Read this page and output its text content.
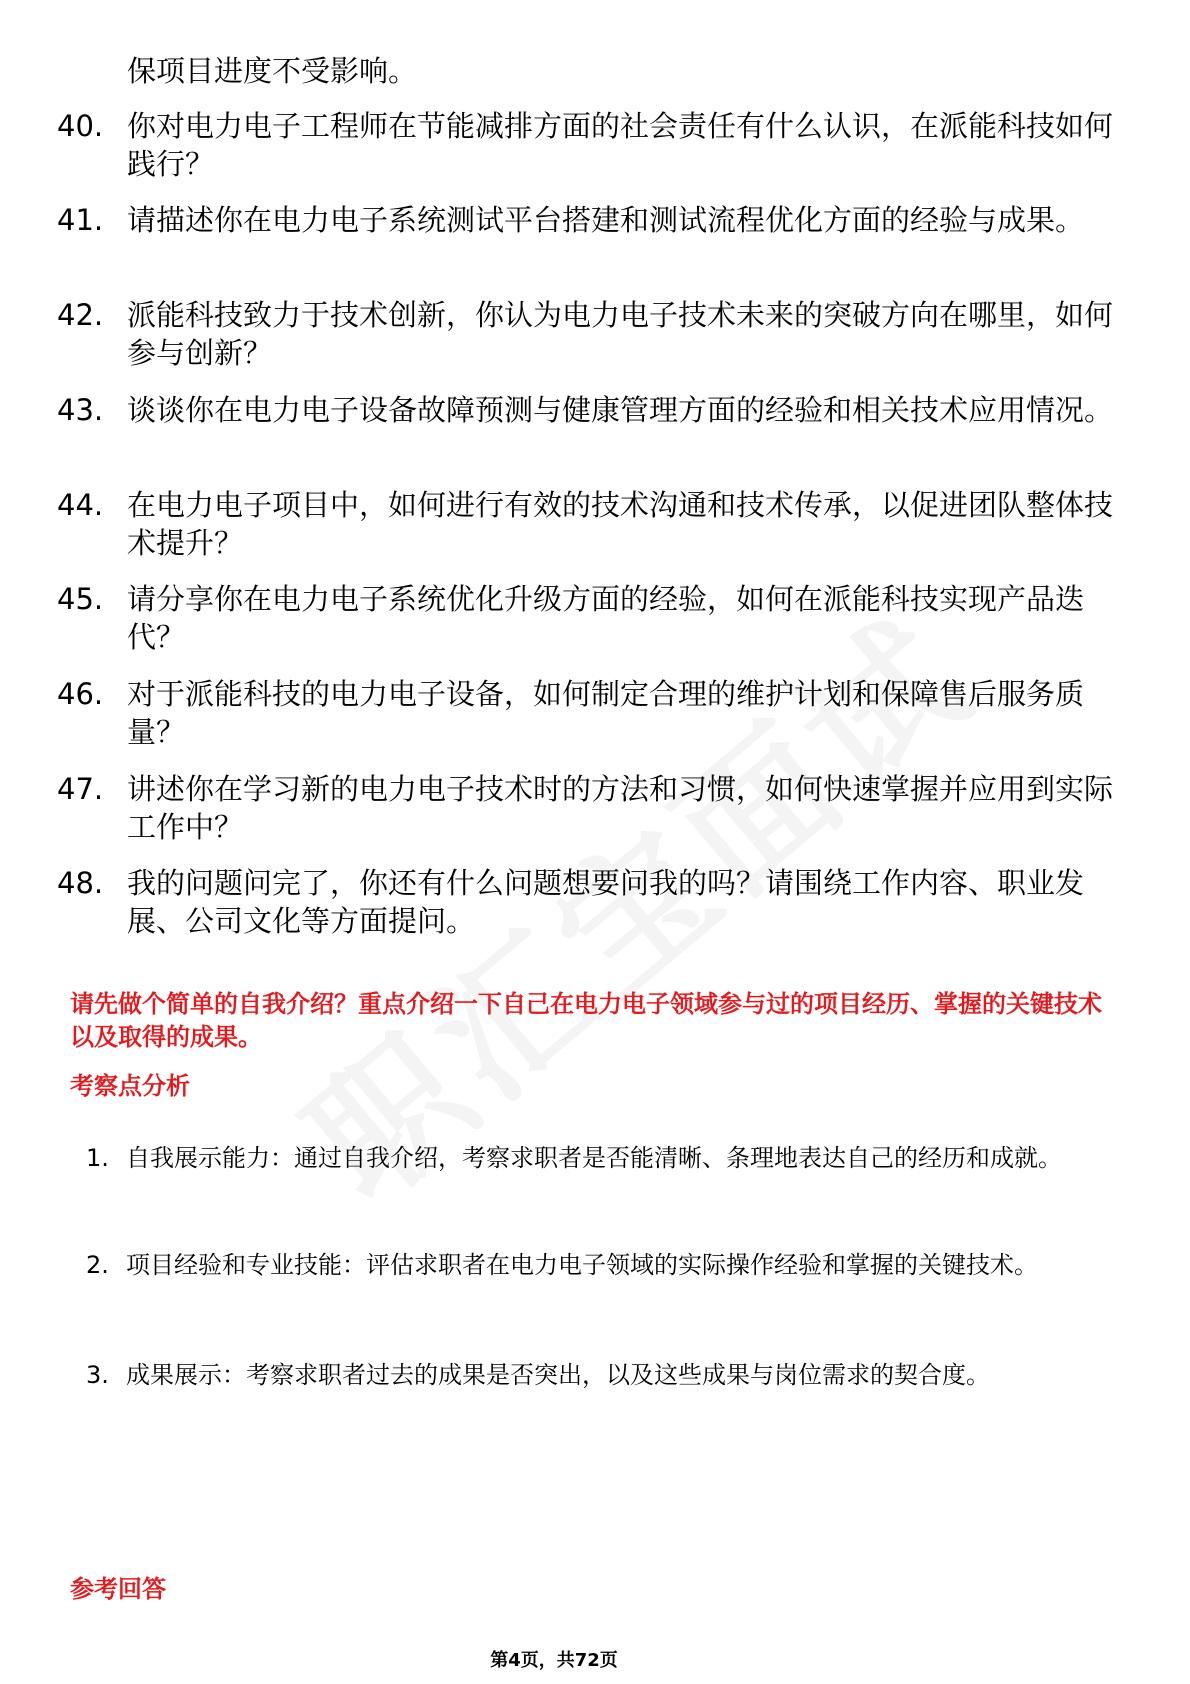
保项目进度不受影响。
40. 你对电力电子工程师在节能减排方面的社会责任有什么认识，在派能科技如何践行？
41. 请描述你在电力电子系统测试平台搭建和测试流程优化方面的经验与成果。
42. 派能科技致力于技术创新，你认为电力电子技术未来的突破方向在哪里，如何参与创新？
43. 谈谈你在电力电子设备故障预测与健康管理方面的经验和相关技术应用情况。
44. 在电力电子项目中，如何进行有效的技术沟通和技术传承，以促进团队整体技术提升？
45. 请分享你在电力电子系统优化升级方面的经验，如何在派能科技实现产品迭代？
46. 对于派能科技的电力电子设备，如何制定合理的维护计划和保障售后服务质量？
47. 讲述你在学习新的电力电子技术时的方法和习惯，如何快速掌握并应用到实际工作中？
48. 我的问题问完了，你还有什么问题想要问我的吗？请围绕工作内容、职业发展、公司文化等方面提问。
请先做个简单的自我介绍？重点介绍一下自己在电力电子领域参与过的项目经历、掌握的关键技术以及取得的成果。
考察点分析
1. 自我展示能力：通过自我介绍，考察求职者是否能清晰、条理地表达自己的经历和成就。
2. 项目经验和专业技能：评估求职者在电力电子领域的实际操作经验和掌握的关键技术。
3. 成果展示：考察求职者过去的成果是否突出，以及这些成果与岗位需求的契合度。
参考回答
第4页，共72页
